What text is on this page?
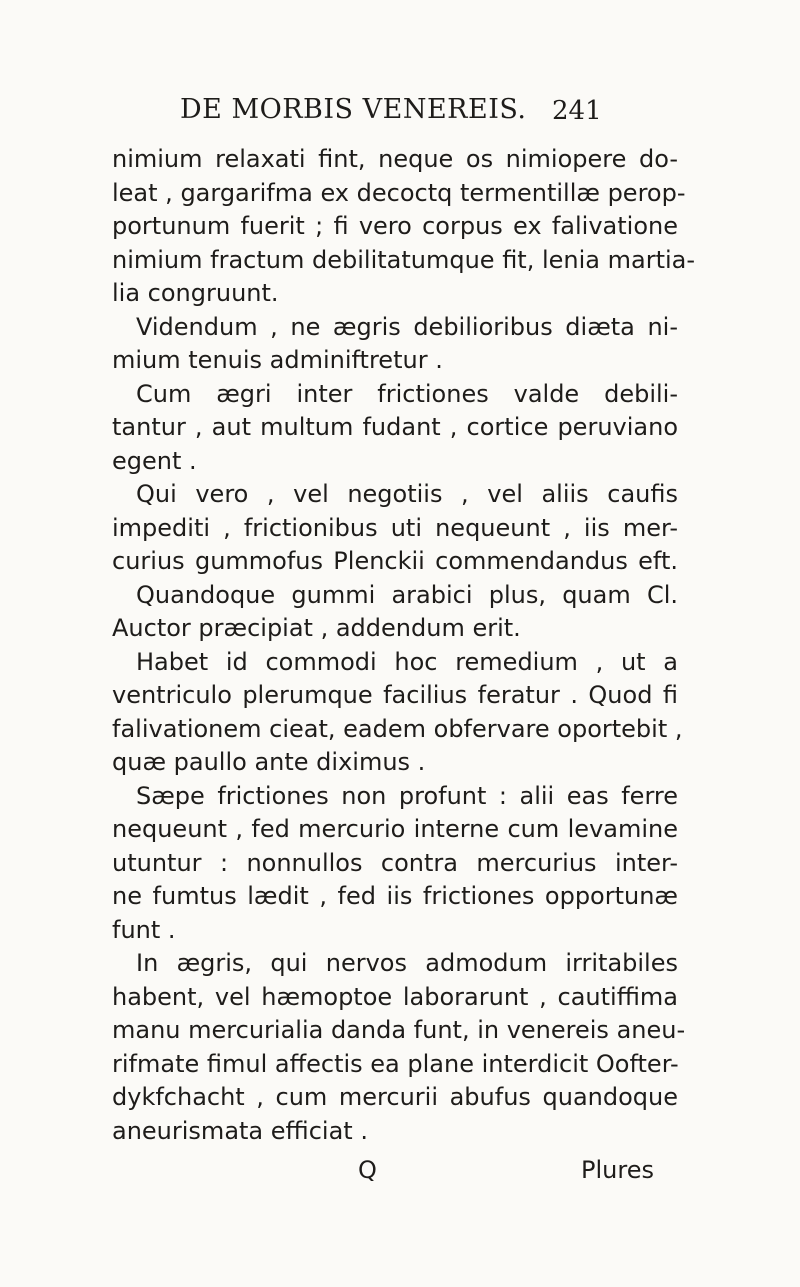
DE MORBIS VENEREIS. 241
nimium relaxati fint, neque os nimiopere do-
leat , gargarifma ex decoctq termentillæ perop-
portunum fuerit ; fi vero corpus ex falivatione
nimium fractum debilitatumque fit, lenia martia-
lia congruunt.
Videndum , ne ægris debilioribus diæta ni-
mium tenuis adminiftretur .
Cum ægri inter frictiones valde debili-
tantur , aut multum fudant , cortice peruviano
egent .
Qui vero , vel negotiis , vel aliis caufis
impediti , frictionibus uti nequeunt , iis mer-
curius gummofus Plenckii commendandus eft.
Quandoque gummi arabici plus, quam Cl.
Auctor præcipiat , addendum erit.
Habet id commodi hoc remedium , ut a
ventriculo plerumque facilius feratur . Quod fi
falivationem cieat, eadem obfervare oportebit ,
quæ paullo ante diximus .
Sæpe frictiones non profunt : alii eas ferre
nequeunt , fed mercurio interne cum levamine
utuntur : nonnullos contra mercurius inter-
ne fumtus lædit , fed iis frictiones opportunæ
funt .
In ægris, qui nervos admodum irritabiles
habent, vel hæmoptoe laborarunt , cautiffima
manu mercurialia danda funt, in venereis aneu-
rifmate fimul affectis ea plane interdicit Oofter-
dykfchacht , cum mercurii abufus quandoque
aneurismata efficiat .
Q	Plures
